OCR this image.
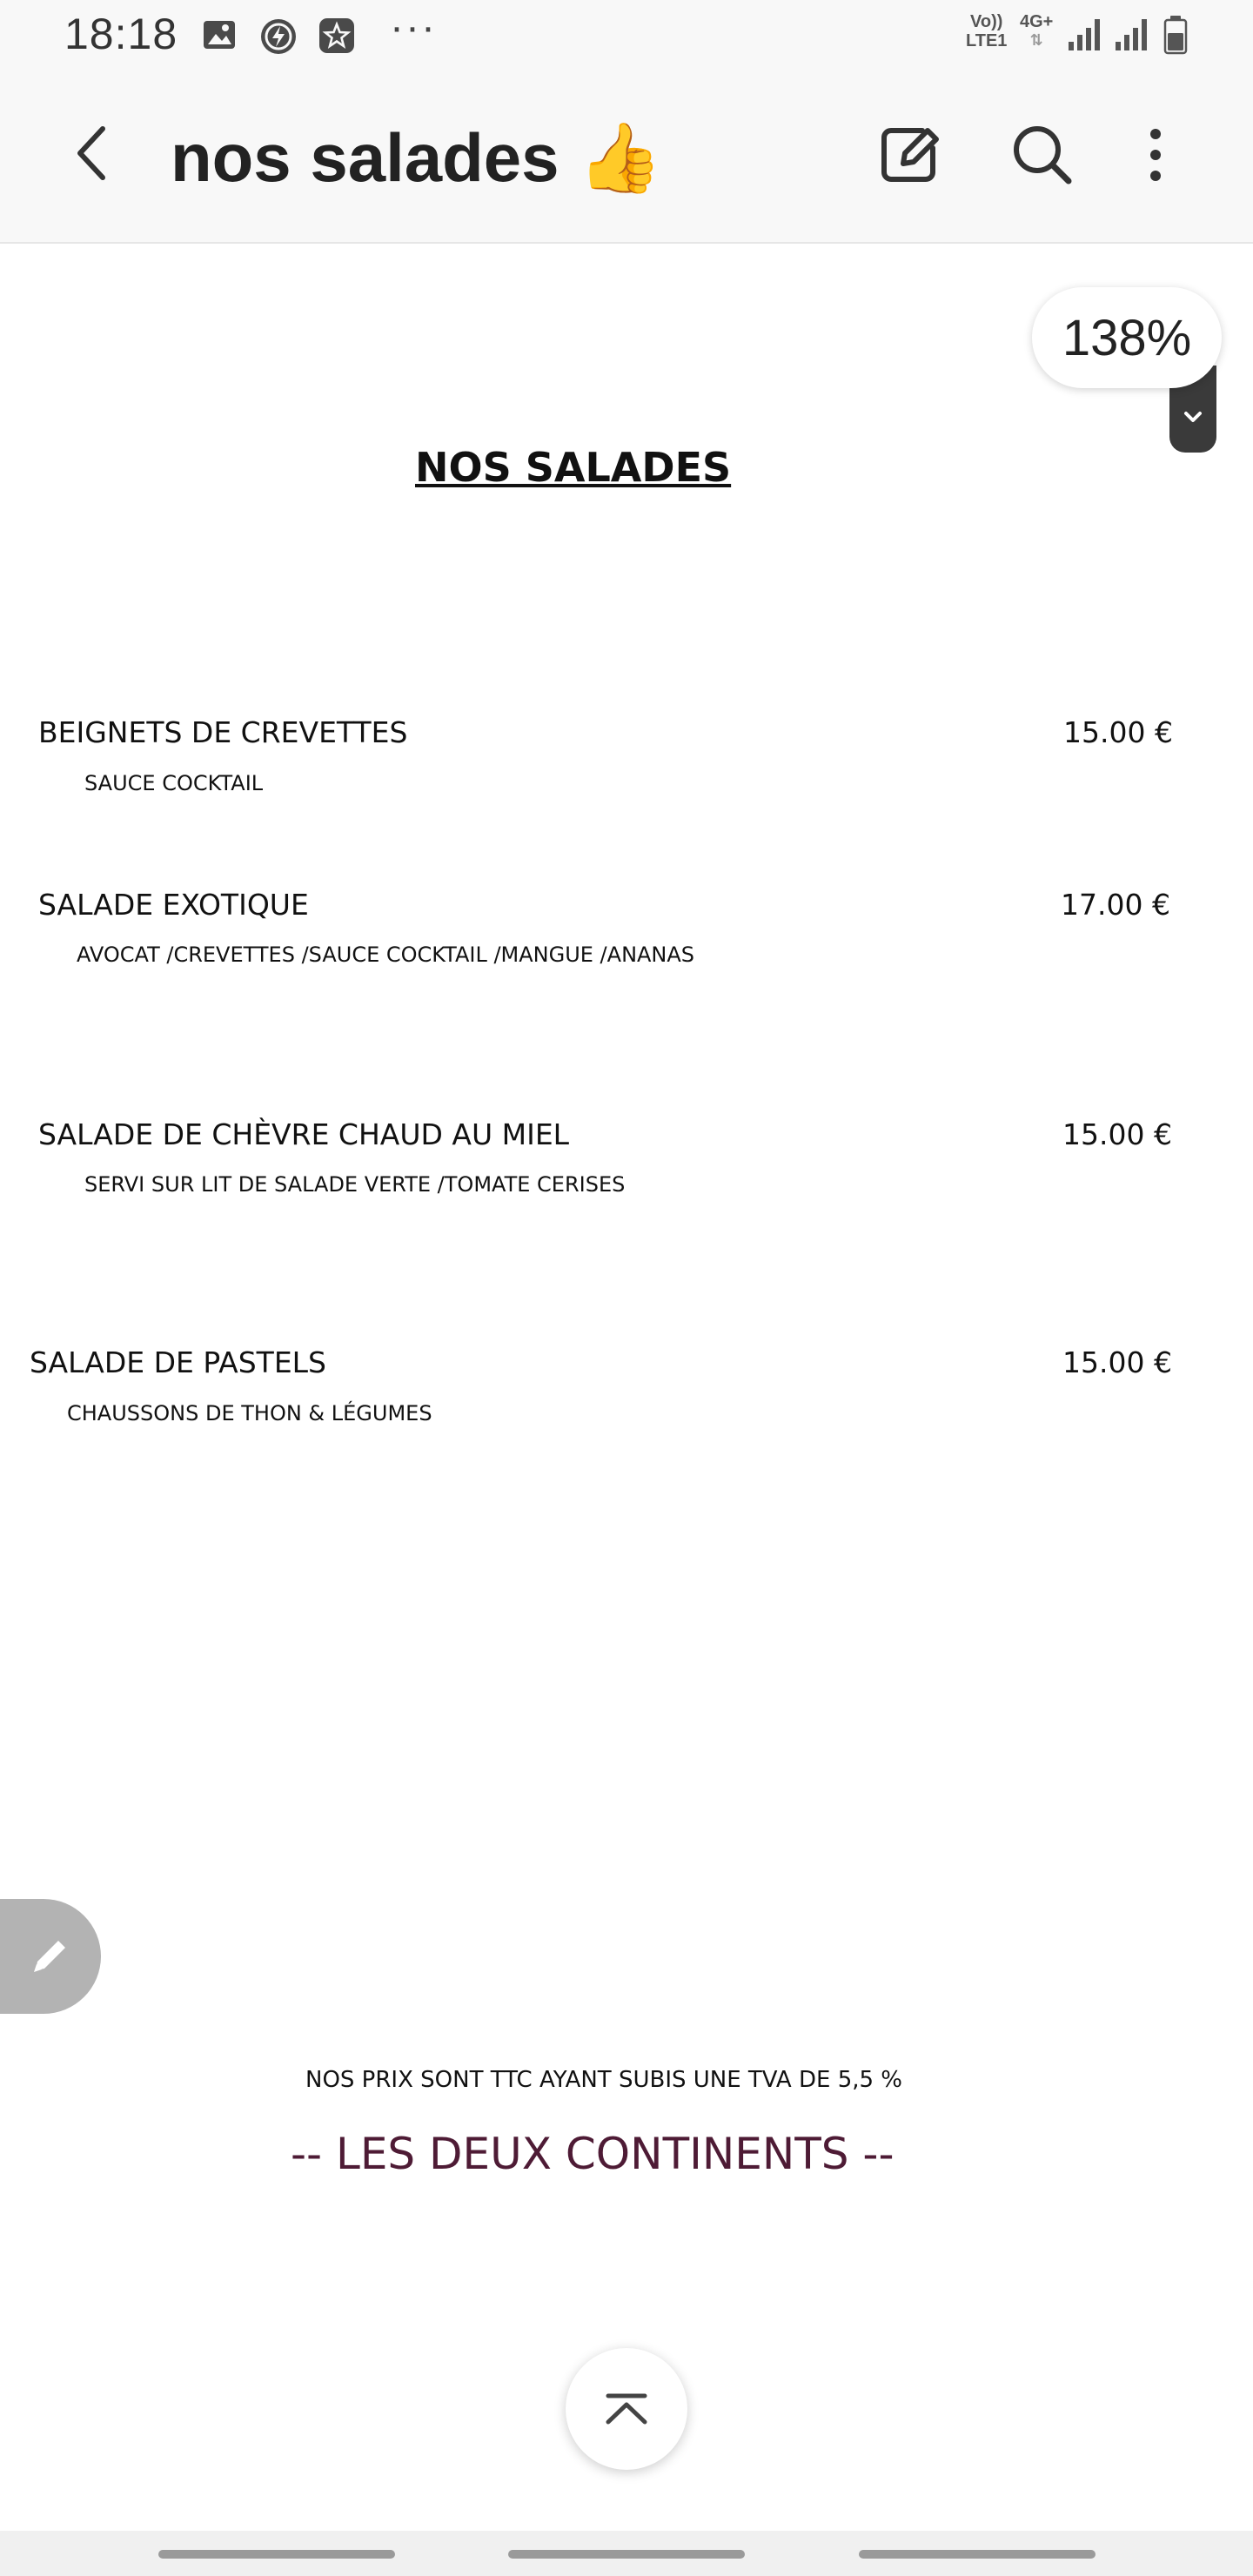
18:18	···	Vo))
LTE1
4G+
⇅
nos salades 👍
138%
NOS SALADES
BEIGNETS DE CREVETTES
SAUCE COCKTAIL
15.00 €
SALADE EXOTIQUE
AVOCAT /CREVETTES /SAUCE COCKTAIL /MANGUE /ANANAS
17.00 €
SALADE DE CHÈVRE CHAUD AU MIEL
SERVI SUR LIT DE SALADE VERTE /TOMATE CERISES
15.00 €
SALADE DE PASTELS
CHAUSSONS DE THON & LÉGUMES
15.00 €
NOS PRIX SONT TTC AYANT SUBIS UNE TVA DE 5,5 %
-- LES DEUX CONTINENTS --
